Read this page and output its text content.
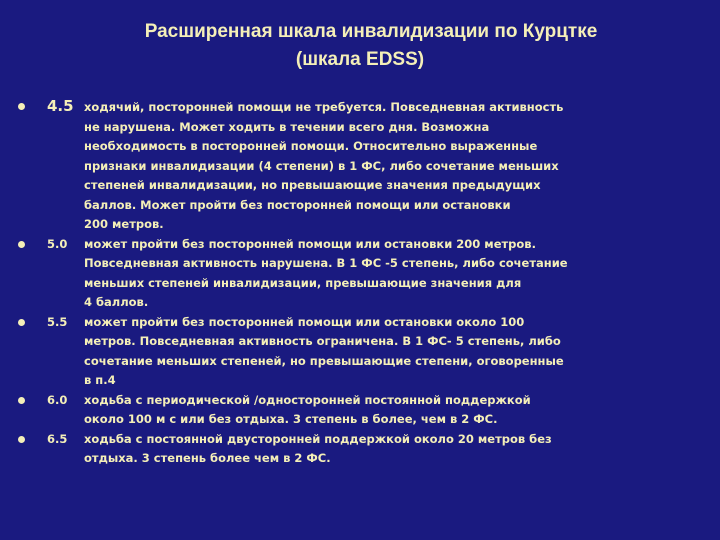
Расширенная шкала инвалидизации по Курцтке
(шкала EDSS)
4.5 ходячий, посторонней помощи не требуется. Повседневная активность
не нарушена. Может ходить в течении всего дня. Возможна
необходимость в посторонней помощи. Относительно выраженные
признаки инвалидизации (4 степени) в 1 ФС, либо сочетание меньших
степеней инвалидизации, но превышающие значения предыдущих
баллов. Может пройти без посторонней помощи или остановки
200 метров.
5.0 может пройти без посторонней помощи или остановки 200 метров.
Повседневная активность нарушена. В 1 ФС -5 степень, либо сочетание
меньших степеней инвалидизации, превышающие значения для
4 баллов.
5.5 может пройти без посторонней помощи или остановки около 100
метров. Повседневная активность ограничена. В 1 ФС- 5 степень, либо
сочетание меньших степеней, но превышающие степени, оговоренные
в п.4
6.0 ходьба с периодической /односторонней постоянной поддержкой
около 100 м с или без отдыха. 3 степень в более, чем в 2 ФС.
6.5 ходьба с постоянной двусторонней поддержкой около 20 метров без
отдыха. 3 степень более чем в 2 ФС.
